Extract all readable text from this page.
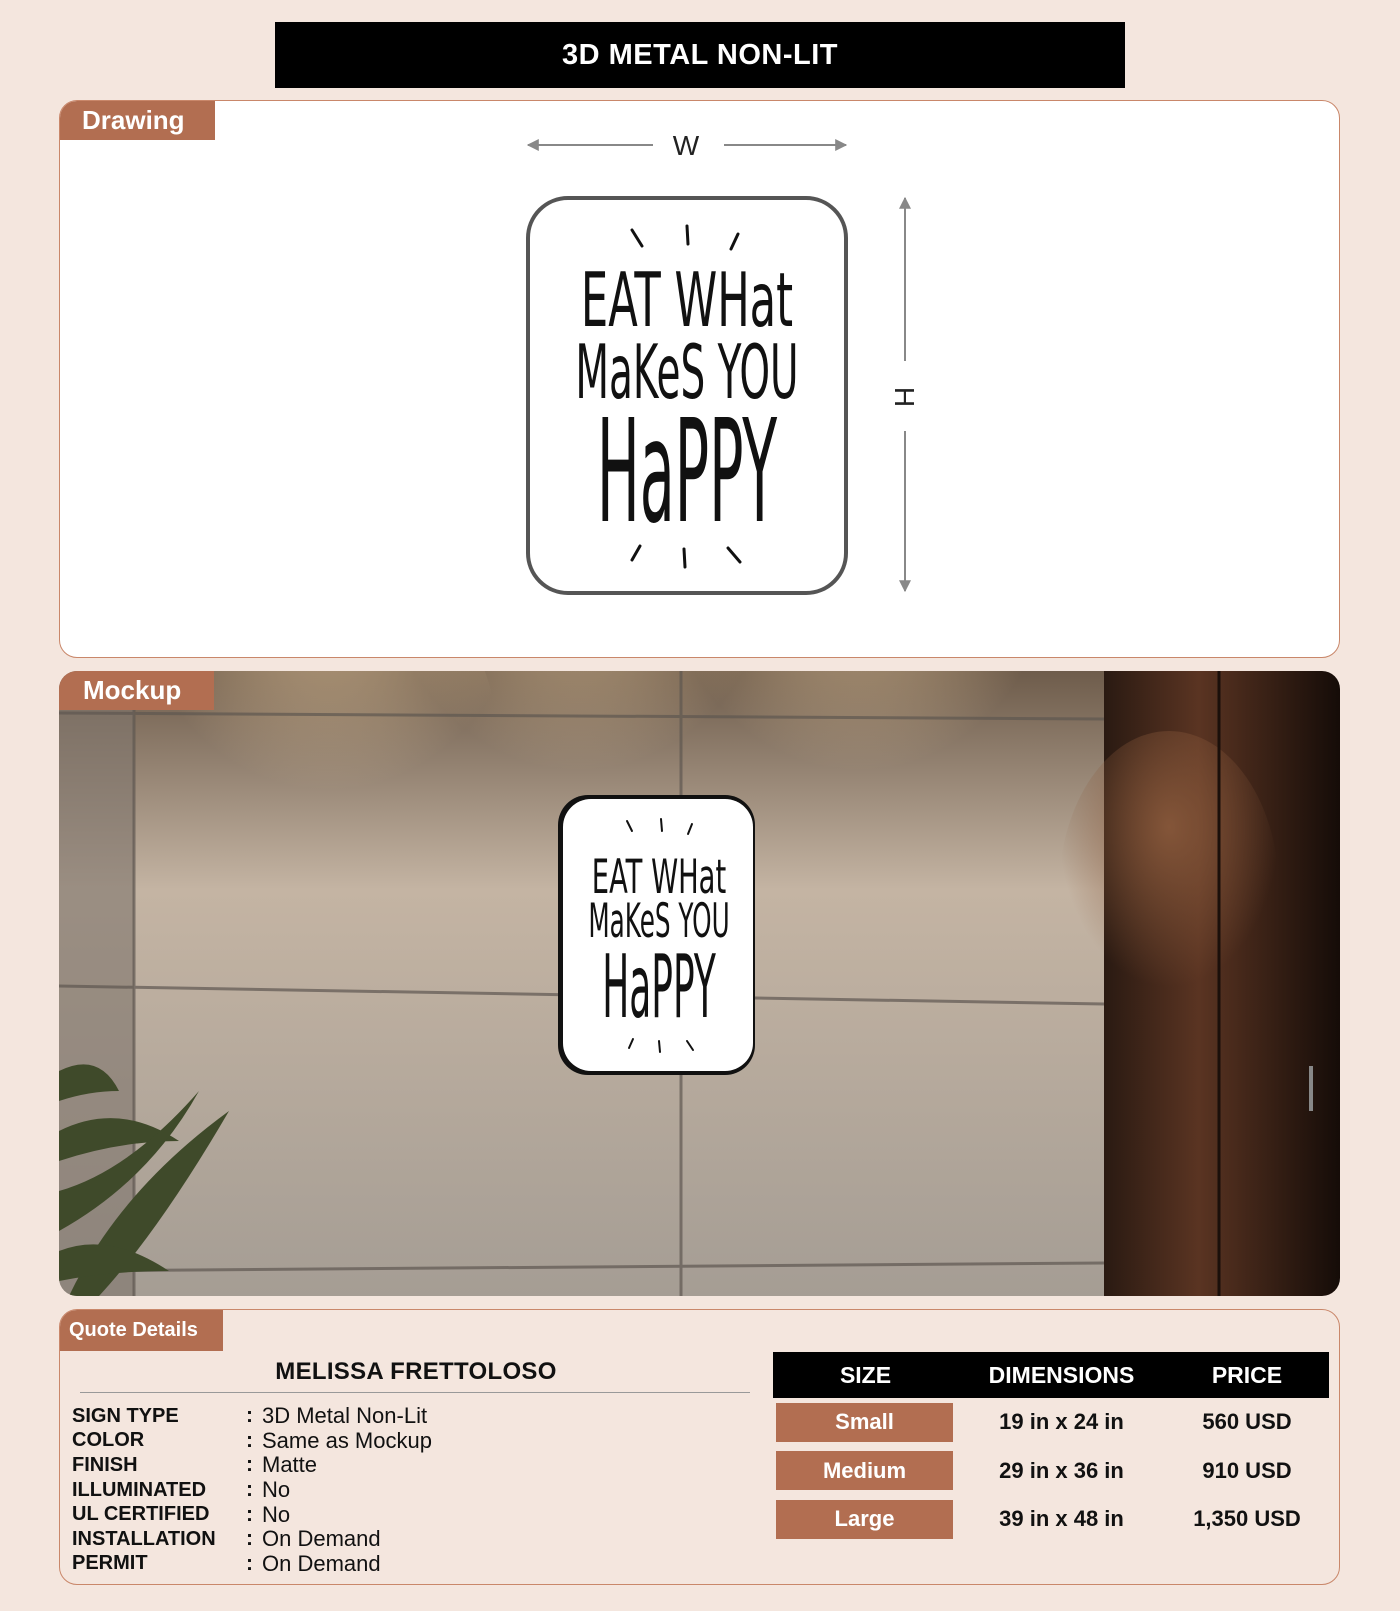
3D METAL NON-LIT
Drawing
W
H
EAT WHat
MaKeS YOU
HaPPY
Mockup
EAT WHat
MaKeS YOU
HaPPY
Quote Details
MELISSA FRETTOLOSO
SIGN TYPE	: 3D Metal Non-Lit
COLOR	: Same as Mockup
FINISH	: Matte
ILLUMINATED	: No
UL CERTIFIED	: No
INSTALLATION	: On Demand
PERMIT	: On Demand
SIZE	DIMENSIONS	PRICE
Small	19 in x 24 in	560 USD
Medium	29 in x 36 in	910 USD
Large	39 in x 48 in	1,350 USD
